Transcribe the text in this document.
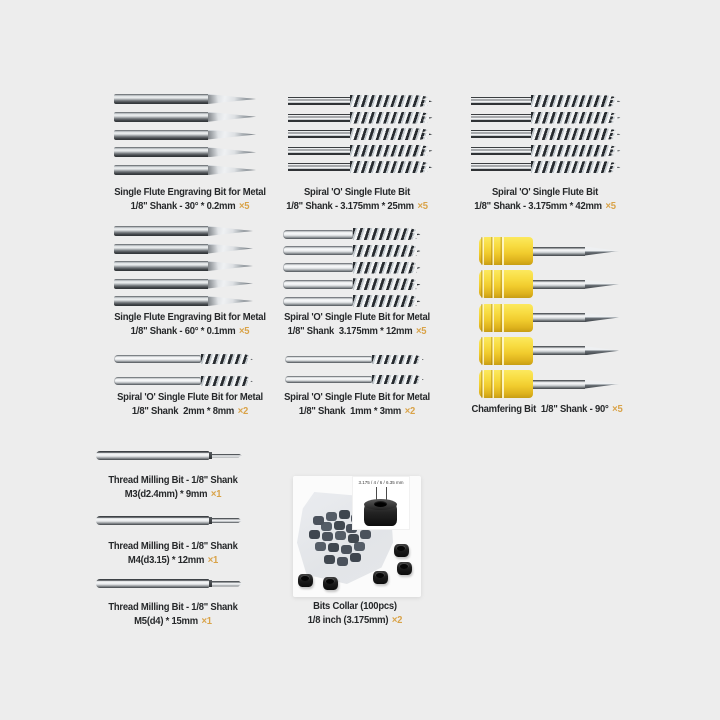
Single Flute Engraving Bit for Metal
1/8" Shank - 30° * 0.2mm ×5
Spiral 'O' Single Flute Bit
1/8" Shank - 3.175mm * 25mm ×5
Spiral 'O' Single Flute Bit
1/8" Shank - 3.175mm * 42mm ×5
Single Flute Engraving Bit for Metal
1/8" Shank - 60° * 0.1mm ×5
Spiral 'O' Single Flute Bit for Metal
1/8" Shank  3.175mm * 12mm ×5
Chamfering Bit  1/8" Shank - 90° ×5
Spiral 'O' Single Flute Bit for Metal
1/8" Shank  2mm * 8mm ×2
Spiral 'O' Single Flute Bit for Metal
1/8" Shank  1mm * 3mm ×2
Thread Milling Bit - 1/8" Shank
M3(d2.4mm) * 9mm ×1
Thread Milling Bit - 1/8" Shank
M4(d3.15) * 12mm ×1
Thread Milling Bit - 1/8" Shank
M5(d4) * 15mm ×1
3.175 / 4 / 6 / 6.35 mm
Bits Collar (100pcs)
1/8 inch (3.175mm) ×2
